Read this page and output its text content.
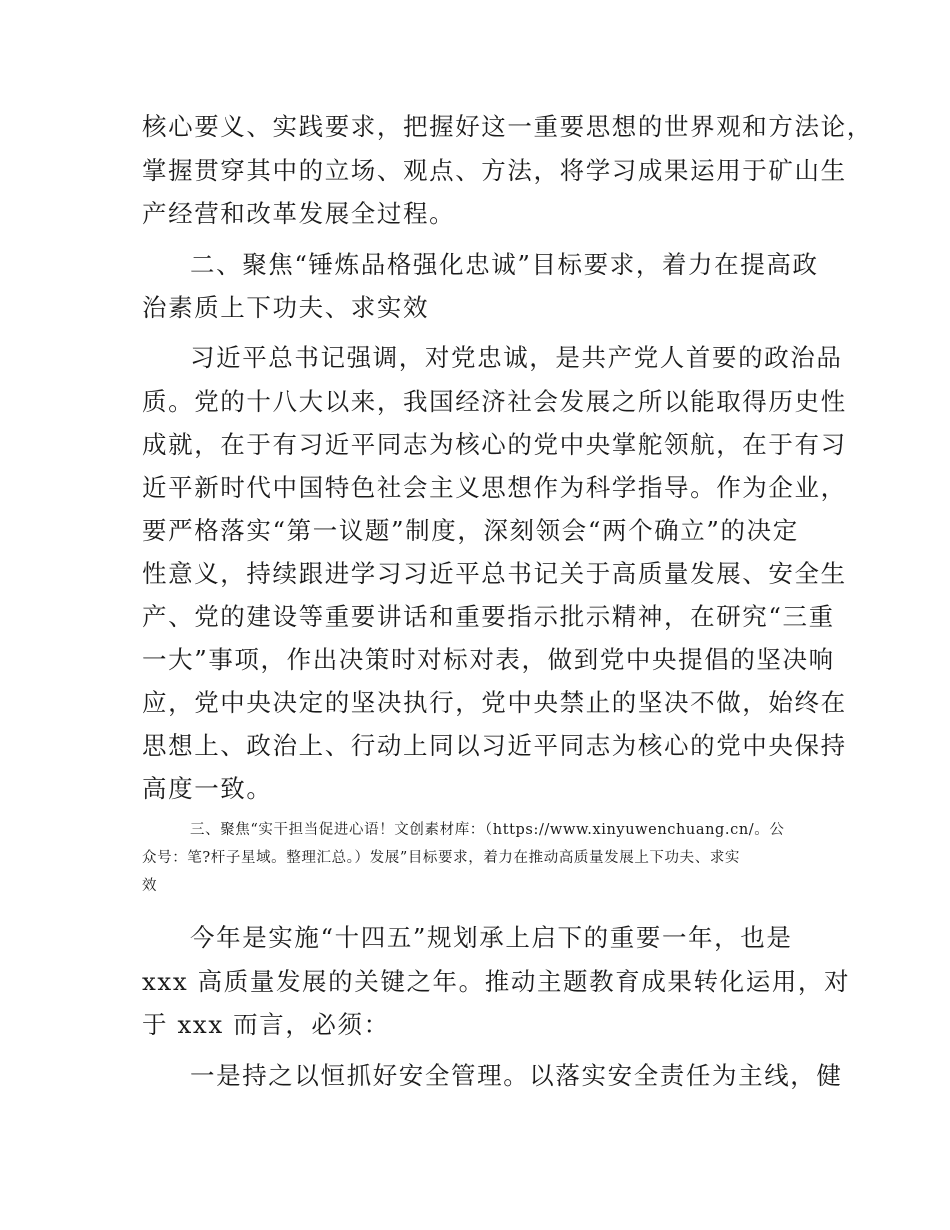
核心要义、实践要求，把握好这一重要思想的世界观和方法论，
掌握贯穿其中的立场、观点、方法，将学习成果运用于矿山生
产经营和改革发展全过程。
二、聚焦“锤炼品格强化忠诚”目标要求，着力在提高政
治素质上下功夫、求实效
习近平总书记强调，对党忠诚，是共产党人首要的政治品
质。党的十八大以来，我国经济社会发展之所以能取得历史性
成就，在于有习近平同志为核心的党中央掌舵领航，在于有习
近平新时代中国特色社会主义思想作为科学指导。作为企业，
要严格落实“第一议题”制度，深刻领会“两个确立”的决定
性意义，持续跟进学习习近平总书记关于高质量发展、安全生
产、党的建设等重要讲话和重要指示批示精神，在研究“三重
一大”事项，作出决策时对标对表，做到党中央提倡的坚决响
应，党中央决定的坚决执行，党中央禁止的坚决不做，始终在
思想上、政治上、行动上同以习近平同志为核心的党中央保持
高度一致。
三、聚焦“实干担当促进心语！文创素材库：（https://www.xinyuwenchuang.cn/。公
众号：笔?杆子星域。整理汇总。）发展”目标要求，着力在推动高质量发展上下功夫、求实
效
今年是实施“十四五”规划承上启下的重要一年，也是
xxx 高质量发展的关键之年。推动主题教育成果转化运用，对
于 xxx 而言，必须：
一是持之以恒抓好安全管理。以落实安全责任为主线，健
